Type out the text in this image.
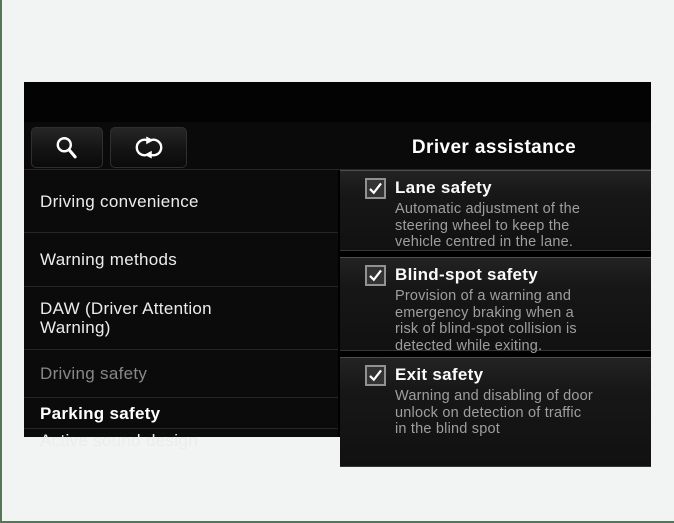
Driver assistance
Driving convenience
Warning methods
DAW (Driver Attention Warning)
Driving safety
Parking safety
Active sound design
Lane safety
Automatic adjustment of the
steering wheel to keep the
vehicle centred in the lane.
Blind-spot safety
Provision of a warning and
emergency braking when a
risk of blind-spot collision is
detected while exiting.
Exit safety
Warning and disabling of door
unlock on detection of traffic
in the blind spot
